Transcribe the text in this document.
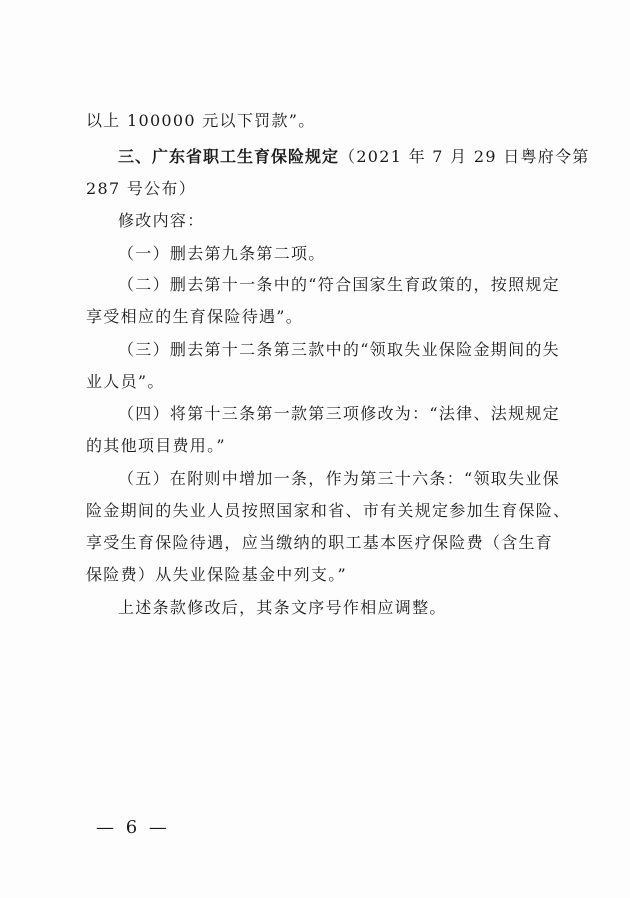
以上 100000 元以下罚款”。
三、广东省职工生育保险规定（2021 年 7 月 29 日粤府令第
287 号公布）
修改内容：
（一）删去第九条第二项。
（二）删去第十一条中的“符合国家生育政策的，按照规定
享受相应的生育保险待遇”。
（三）删去第十二条第三款中的“领取失业保险金期间的失
业人员”。
（四）将第十三条第一款第三项修改为：“法律、法规规定
的其他项目费用。”
（五）在附则中增加一条，作为第三十六条：“领取失业保
险金期间的失业人员按照国家和省、市有关规定参加生育保险、
享受生育保险待遇，应当缴纳的职工基本医疗保险费（含生育
保险费）从失业保险基金中列支。”
上述条款修改后，其条文序号作相应调整。
— 6 —
